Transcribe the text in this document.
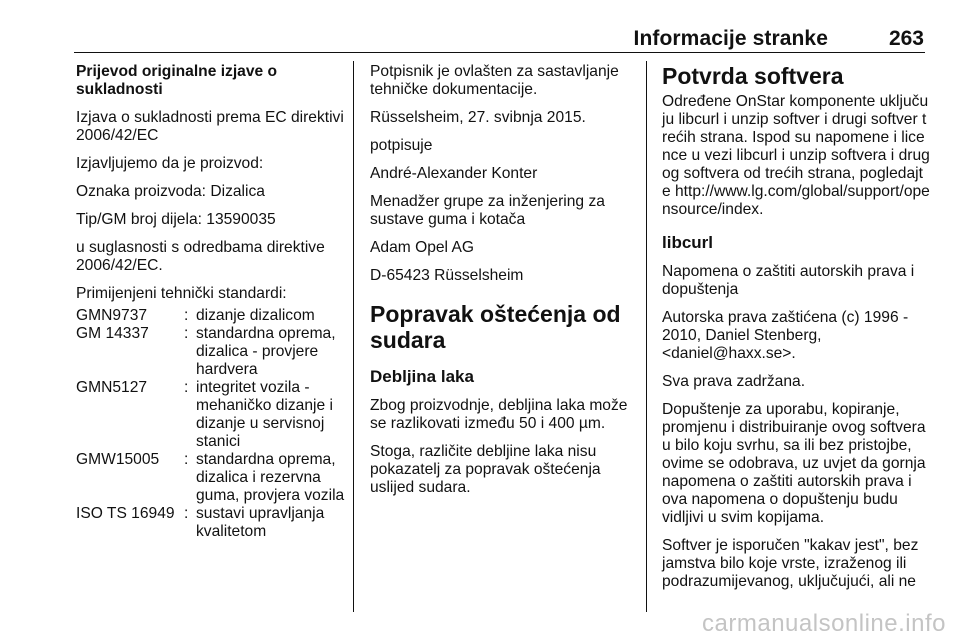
Informacije stranke	263

Prijevod originalne izjave o sukladnosti

Izjava o sukladnosti prema EC direktivi 2006/42/EC

Izjavljujemo da je proizvod:

Oznaka proizvoda: Dizalica

Tip/GM broj dijela: 13590035

u suglasnosti s odredbama direktive 2006/42/EC.

Primijenjeni tehnički standardi:

GMN9737	:	dizanje dizalicom
GM 14337	:	standardna oprema, dizalica - provjere hardvera
GMN5127	:	integritet vozila - mehaničko dizanje i dizanje u servisnoj stanici
GMW15005	:	standardna oprema, dizalica i rezervna guma, provjera vozila
ISO TS 16949	:	sustavi upravljanja kvalitetom

Potpisnik je ovlašten za sastavljanje tehničke dokumentacije.

Rüsselsheim, 27. svibnja 2015.

potpisuje

André-Alexander Konter

Menadžer grupe za inženjering za sustave guma i kotača

Adam Opel AG

D-65423 Rüsselsheim

Popravak oštećenja od sudara

Debljina laka

Zbog proizvodnje, debljina laka može se razlikovati između 50 i 400 µm.

Stoga, različite debljine laka nisu pokazatelj za popravak oštećenja uslijed sudara.

Potvrda softvera

Određene OnStar komponente uključuju libcurl i unzip softver i drugi softver trećih strana. Ispod su napomene i licence u vezi libcurl i unzip softvera i drugog softvera od trećih strana, pogledajte http://www.lg.com/global/support/opensource/index.

libcurl

Napomena o zaštiti autorskih prava i dopuštenja

Autorska prava zaštićena (c) 1996 - 2010, Daniel Stenberg, <daniel@haxx.se>.

Sva prava zadržana.

Dopuštenje za uporabu, kopiranje, promjenu i distribuiranje ovog softvera u bilo koju svrhu, sa ili bez pristojbe, ovime se odobrava, uz uvjet da gornja napomena o zaštiti autorskih prava i ova napomena o dopuštenju budu vidljivi u svim kopijama.

Softver je isporučen "kakav jest", bez jamstva bilo koje vrste, izraženog ili podrazumijevanog, uključujući, ali ne

carmanualsonline.info
